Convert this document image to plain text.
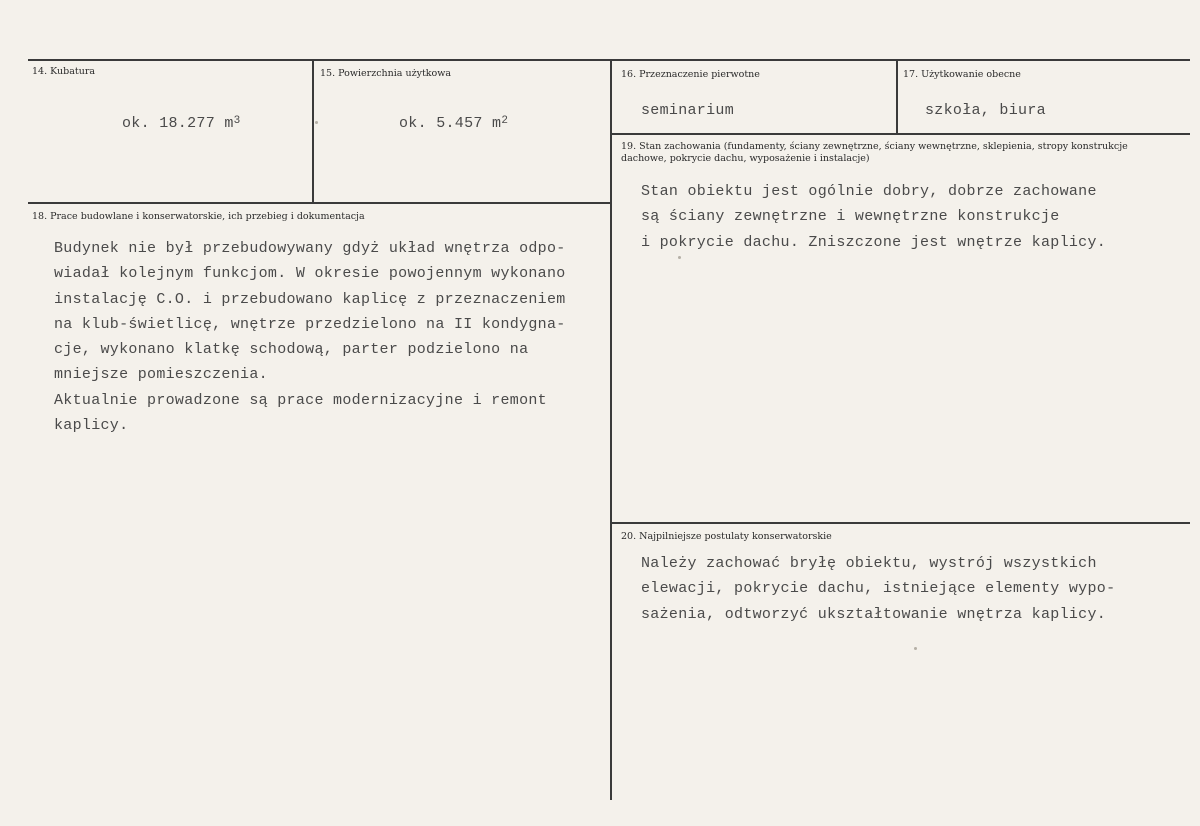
14. Kubatura
ok. 18.277 $m^3$
15. Powierzchnia użytkowa
ok. 5.457 $m^2$
16. Przeznaczenie pierwotne
seminarium
17. Użytkowanie obecne
szkoła, biura
18. Prace budowlane i konserwatorskie, ich przebieg i dokumentacja
Budynek nie był przebudowywany gdyż układ wnętrza odpo-
wiadał kolejnym funkcjom. W okresie powojennym wykonano
instalację C.O. i przebudowano kaplicę z przeznaczeniem
na klub-świetlicę, wnętrze przedzielono na II kondygna-
cje, wykonano klatkę schodową, parter podzielono na
mniejsze pomieszczenia.
Aktualnie prowadzone są prace modernizacyjne i remont
kaplicy.
19. Stan zachowania (fundamenty, ściany zewnętrzne, ściany wewnętrzne, sklepienia, stropy konstrukcje dachowe, pokrycie dachu, wyposażenie i instalacje)
Stan obiektu jest ogólnie dobry, dobrze zachowane
są ściany zewnętrzne i wewnętrzne konstrukcje
i pokrycie dachu. Zniszczone jest wnętrze kaplicy.
20. Najpilniejsze postulaty konserwatorskie
Należy zachować bryłę obiektu, wystrój wszystkich
elewacji, pokrycie dachu, istniejące elementy wypo-
sażenia, odtworzyć ukształtowanie wnętrza kaplicy.
